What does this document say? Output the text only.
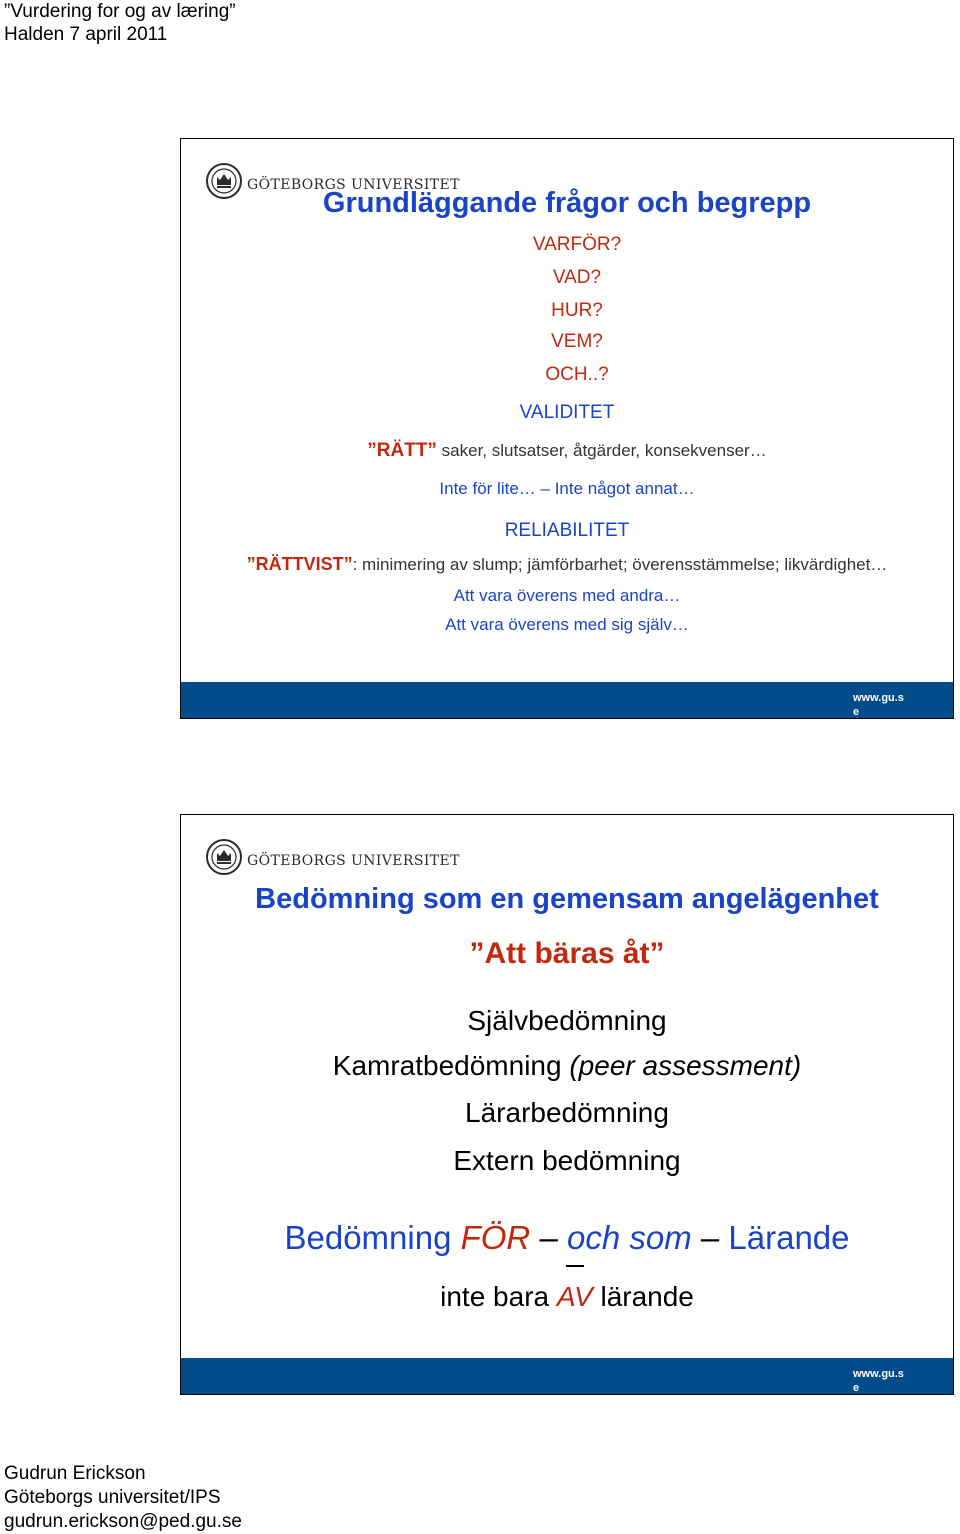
”Vurdering for og av læring”
Halden 7 april 2011
GÖTEBORGS UNIVERSITET
Grundläggande frågor och begrepp
VARFÖR?
VAD?
HUR?
VEM?
OCH..?
VALIDITET
”RÄTT” saker, slutsatser, åtgärder, konsekvenser…
Inte för lite… – Inte något annat…
RELIABILITET
”RÄTTVIST”: minimering av slump; jämförbarhet; överensstämmelse; likvärdighet…
Att vara överens med andra…
Att vara överens med sig själv…
www.gu.se
GÖTEBORGS UNIVERSITET
Bedömning som en gemensam angelägenhet
”Att bäras åt”
Självbedömning
Kamratbedömning (peer assessment)
Lärarbedömning
Extern bedömning
Bedömning FÖR – och som – Lärande
inte bara AV lärande
www.gu.se
Gudrun Erickson
Göteborgs universitet/IPS
gudrun.erickson@ped.gu.se
